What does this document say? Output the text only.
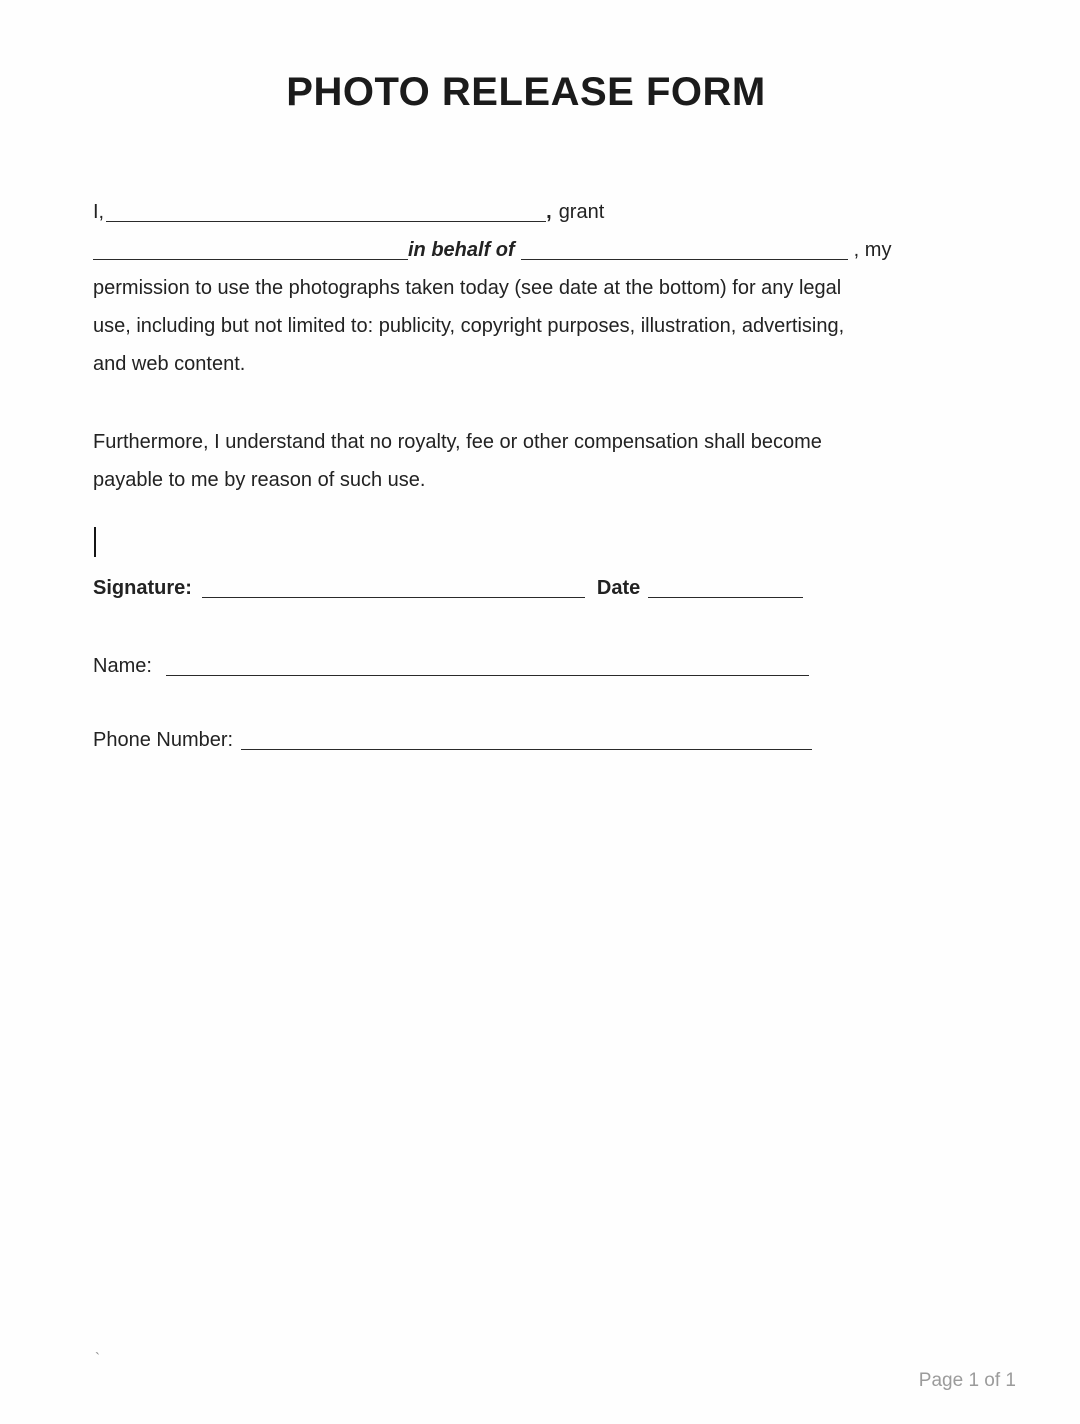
PHOTO RELEASE FORM
I,	, grant
in behalf of	, my
permission to use the photographs taken today (see date at the bottom) for any legal
use, including but not limited to: publicity, copyright purposes, illustration, advertising,
and web content.
Furthermore, I understand that no royalty, fee or other compensation shall become
payable to me by reason of such use.
Signature:	Date
Name:
Phone Number:
`
Page 1 of 1
